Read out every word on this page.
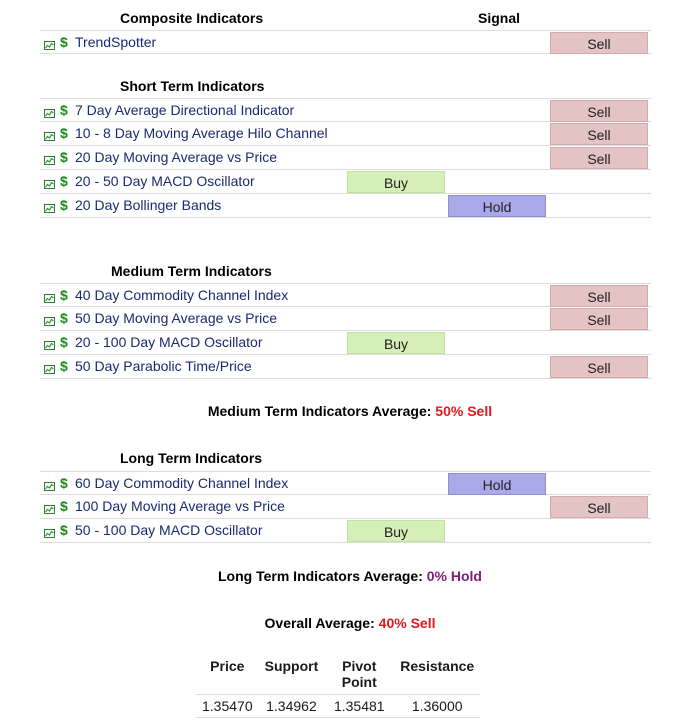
Composite Indicators	Signal
$ TrendSpotter	Sell
Short Term Indicators
$ 7 Day Average Directional Indicator	Sell
$ 10 - 8 Day Moving Average Hilo Channel	Sell
$ 20 Day Moving Average vs Price	Sell
$ 20 - 50 Day MACD Oscillator	Buy
$ 20 Day Bollinger Bands	Hold
Medium Term Indicators
$ 40 Day Commodity Channel Index	Sell
$ 50 Day Moving Average vs Price	Sell
$ 20 - 100 Day MACD Oscillator	Buy
$ 50 Day Parabolic Time/Price	Sell
Medium Term Indicators Average: 50% Sell
Long Term Indicators
$ 60 Day Commodity Channel Index	Hold
$ 100 Day Moving Average vs Price	Sell
$ 50 - 100 Day MACD Oscillator	Buy
Long Term Indicators Average: 0% Hold
Overall Average: 40% Sell
Price	Support	Pivot Point	Resistance
1.35470	1.34962	1.35481	1.36000
